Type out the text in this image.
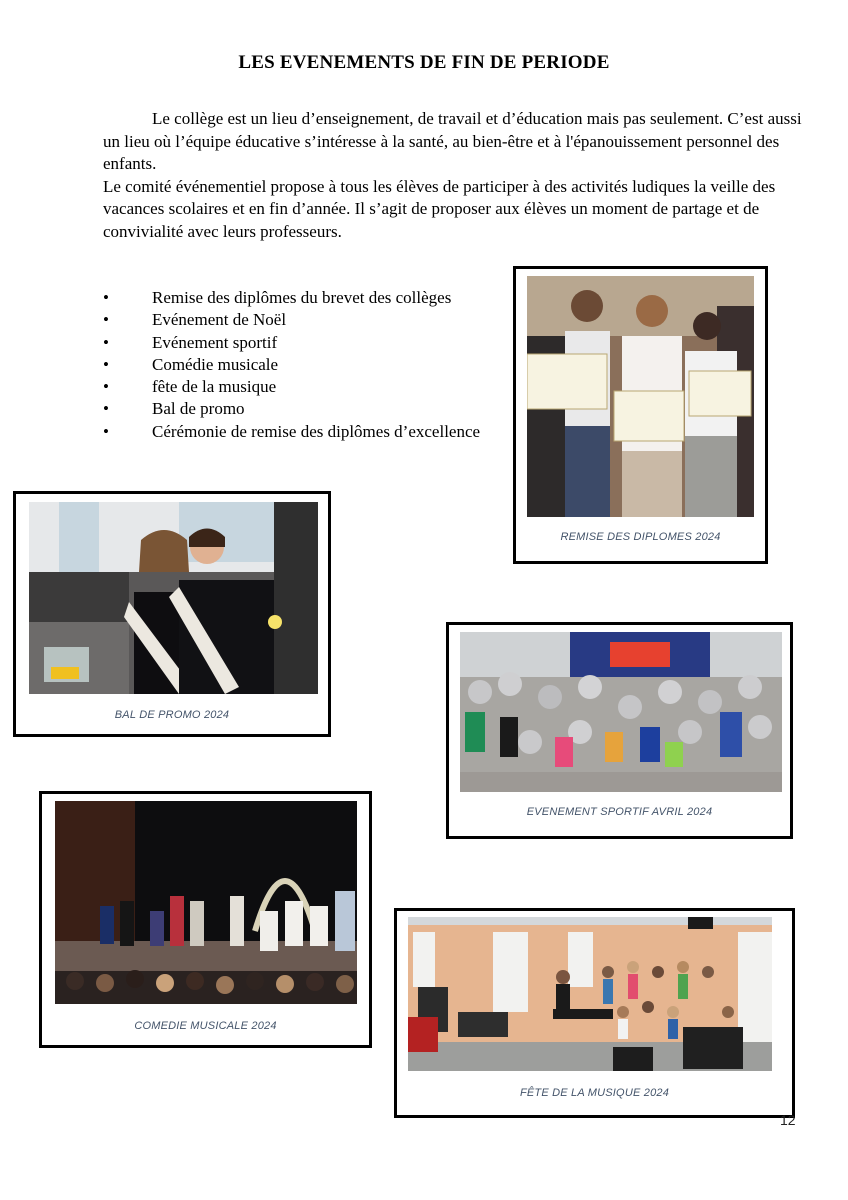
LES EVENEMENTS DE FIN DE PERIODE

Le collège est un lieu d’enseignement, de travail et d’éducation mais pas seulement. C’est aussi un lieu où l’équipe éducative s’intéresse à la santé, au bien-être et à l'épanouissement personnel des enfants.

Le comité événementiel propose à tous les élèves de participer à des activités ludiques la veille des vacances scolaires et en fin d’année. Il s’agit de proposer aux élèves un moment de partage et de convivialité avec leurs professeurs.

•	Remise des diplômes du brevet des collèges
•	Evénement de Noël
•	Evénement sportif
•	Comédie musicale
•	fête de la musique
•	Bal de promo
•	Cérémonie de remise des diplômes d’excellence
REMISE DES DIPLOMES 2024
BAL DE PROMO 2024
EVENEMENT SPORTIF AVRIL 2024
COMEDIE MUSICALE 2024
FÊTE DE LA MUSIQUE 2024
12
